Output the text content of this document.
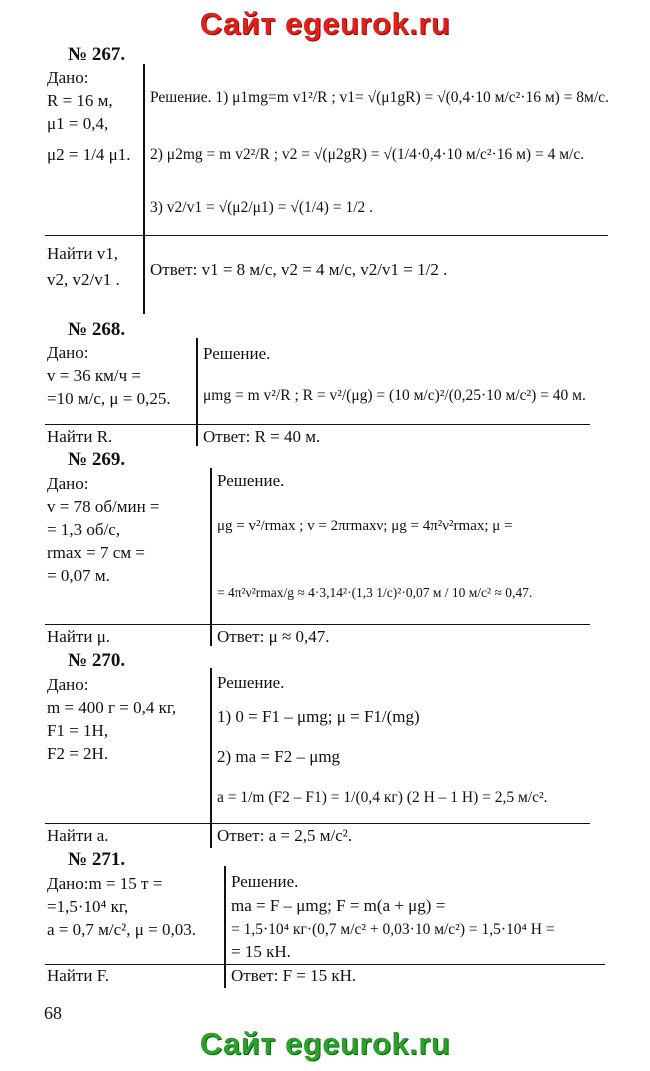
Сайт egeurok.ru
№ 267.
Дано:
R = 16 м,
μ1 = 0,4,
μ2 = 1/4 μ1.
Решение. 1) μ1mg=m v1²/R ; v1= √(μ1gR) = √(0,4·10 м/с²·16 м) = 8м/с.
2) μ2mg = m v2²/R ; v2 = √(μ2gR) = √(1/4·0,4·10 м/с²·16 м) = 4 м/с.
3) v2/v1 = √(μ2/μ1) = √(1/4) = 1/2 .
Найти v1,
v2, v2/v1 .
Ответ: v1 = 8 м/с, v2 = 4 м/с, v2/v1 = 1/2 .
№ 268.
Дано:
v = 36 км/ч =
=10 м/с, μ = 0,25.
Решение.
μmg = m v²/R ; R = v²/(μg) = (10 м/с)²/(0,25·10 м/с²) = 40 м.
Найти R.	Ответ: R = 40 м.
№ 269.
Дано:
v = 78 об/мин =
= 1,3 об/с,
rmax = 7 см =
= 0,07 м.
Решение.
μg = v²/rmax ; v = 2πrmaxν; μg = 4π²ν²rmax; μ =
= 4π²ν²rmax/g ≈ 4·3,14²·(1,3 1/c)²·0,07 м / 10 м/с² ≈ 0,47.
Найти μ.	Ответ: μ ≈ 0,47.
№ 270.
Дано:
m = 400 г = 0,4 кг,
F1 = 1Н,
F2 = 2Н.
Решение.
1) 0 = F1 – μmg; μ = F1/(mg)
2) ma = F2 – μmg
a = 1/m (F2 – F1) = 1/(0,4 кг) (2 Н – 1 Н) = 2,5 м/с².
Найти a.	Ответ: a = 2,5 м/с².
№ 271.
Дано:m = 15 т =
=1,5·10⁴ кг,
a = 0,7 м/с², μ = 0,03.
Решение.
ma = F – μmg; F = m(a + μg) =
= 1,5·10⁴ кг·(0,7 м/с² + 0,03·10 м/с²) = 1,5·10⁴ Н =
= 15 кН.
Найти F.	Ответ: F = 15 кН.
68
Сайт egeurok.ru
